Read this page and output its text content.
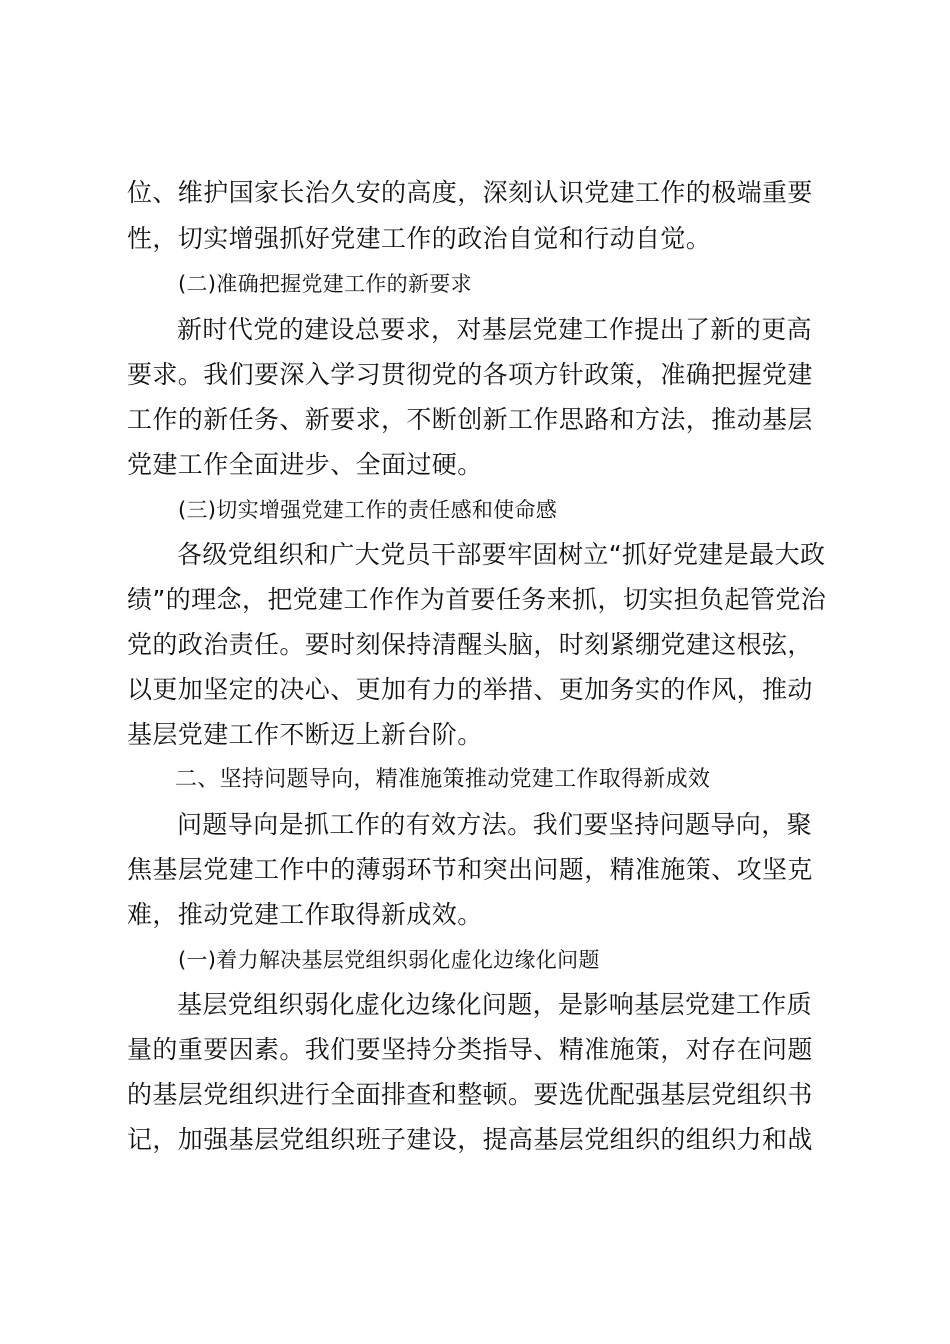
位、维护国家长治久安的高度，深刻认识党建工作的极端重要
性，切实增强抓好党建工作的政治自觉和行动自觉。
(二)准确把握党建工作的新要求
新时代党的建设总要求，对基层党建工作提出了新的更高
要求。我们要深入学习贯彻党的各项方针政策，准确把握党建
工作的新任务、新要求，不断创新工作思路和方法，推动基层
党建工作全面进步、全面过硬。
(三)切实增强党建工作的责任感和使命感
各级党组织和广大党员干部要牢固树立“抓好党建是最大政
绩”的理念，把党建工作作为首要任务来抓，切实担负起管党治
党的政治责任。要时刻保持清醒头脑，时刻紧绷党建这根弦，
以更加坚定的决心、更加有力的举措、更加务实的作风，推动
基层党建工作不断迈上新台阶。
二、坚持问题导向，精准施策推动党建工作取得新成效
问题导向是抓工作的有效方法。我们要坚持问题导向，聚
焦基层党建工作中的薄弱环节和突出问题，精准施策、攻坚克
难，推动党建工作取得新成效。
(一)着力解决基层党组织弱化虚化边缘化问题
基层党组织弱化虚化边缘化问题，是影响基层党建工作质
量的重要因素。我们要坚持分类指导、精准施策，对存在问题
的基层党组织进行全面排查和整顿。要选优配强基层党组织书
记，加强基层党组织班子建设，提高基层党组织的组织力和战
